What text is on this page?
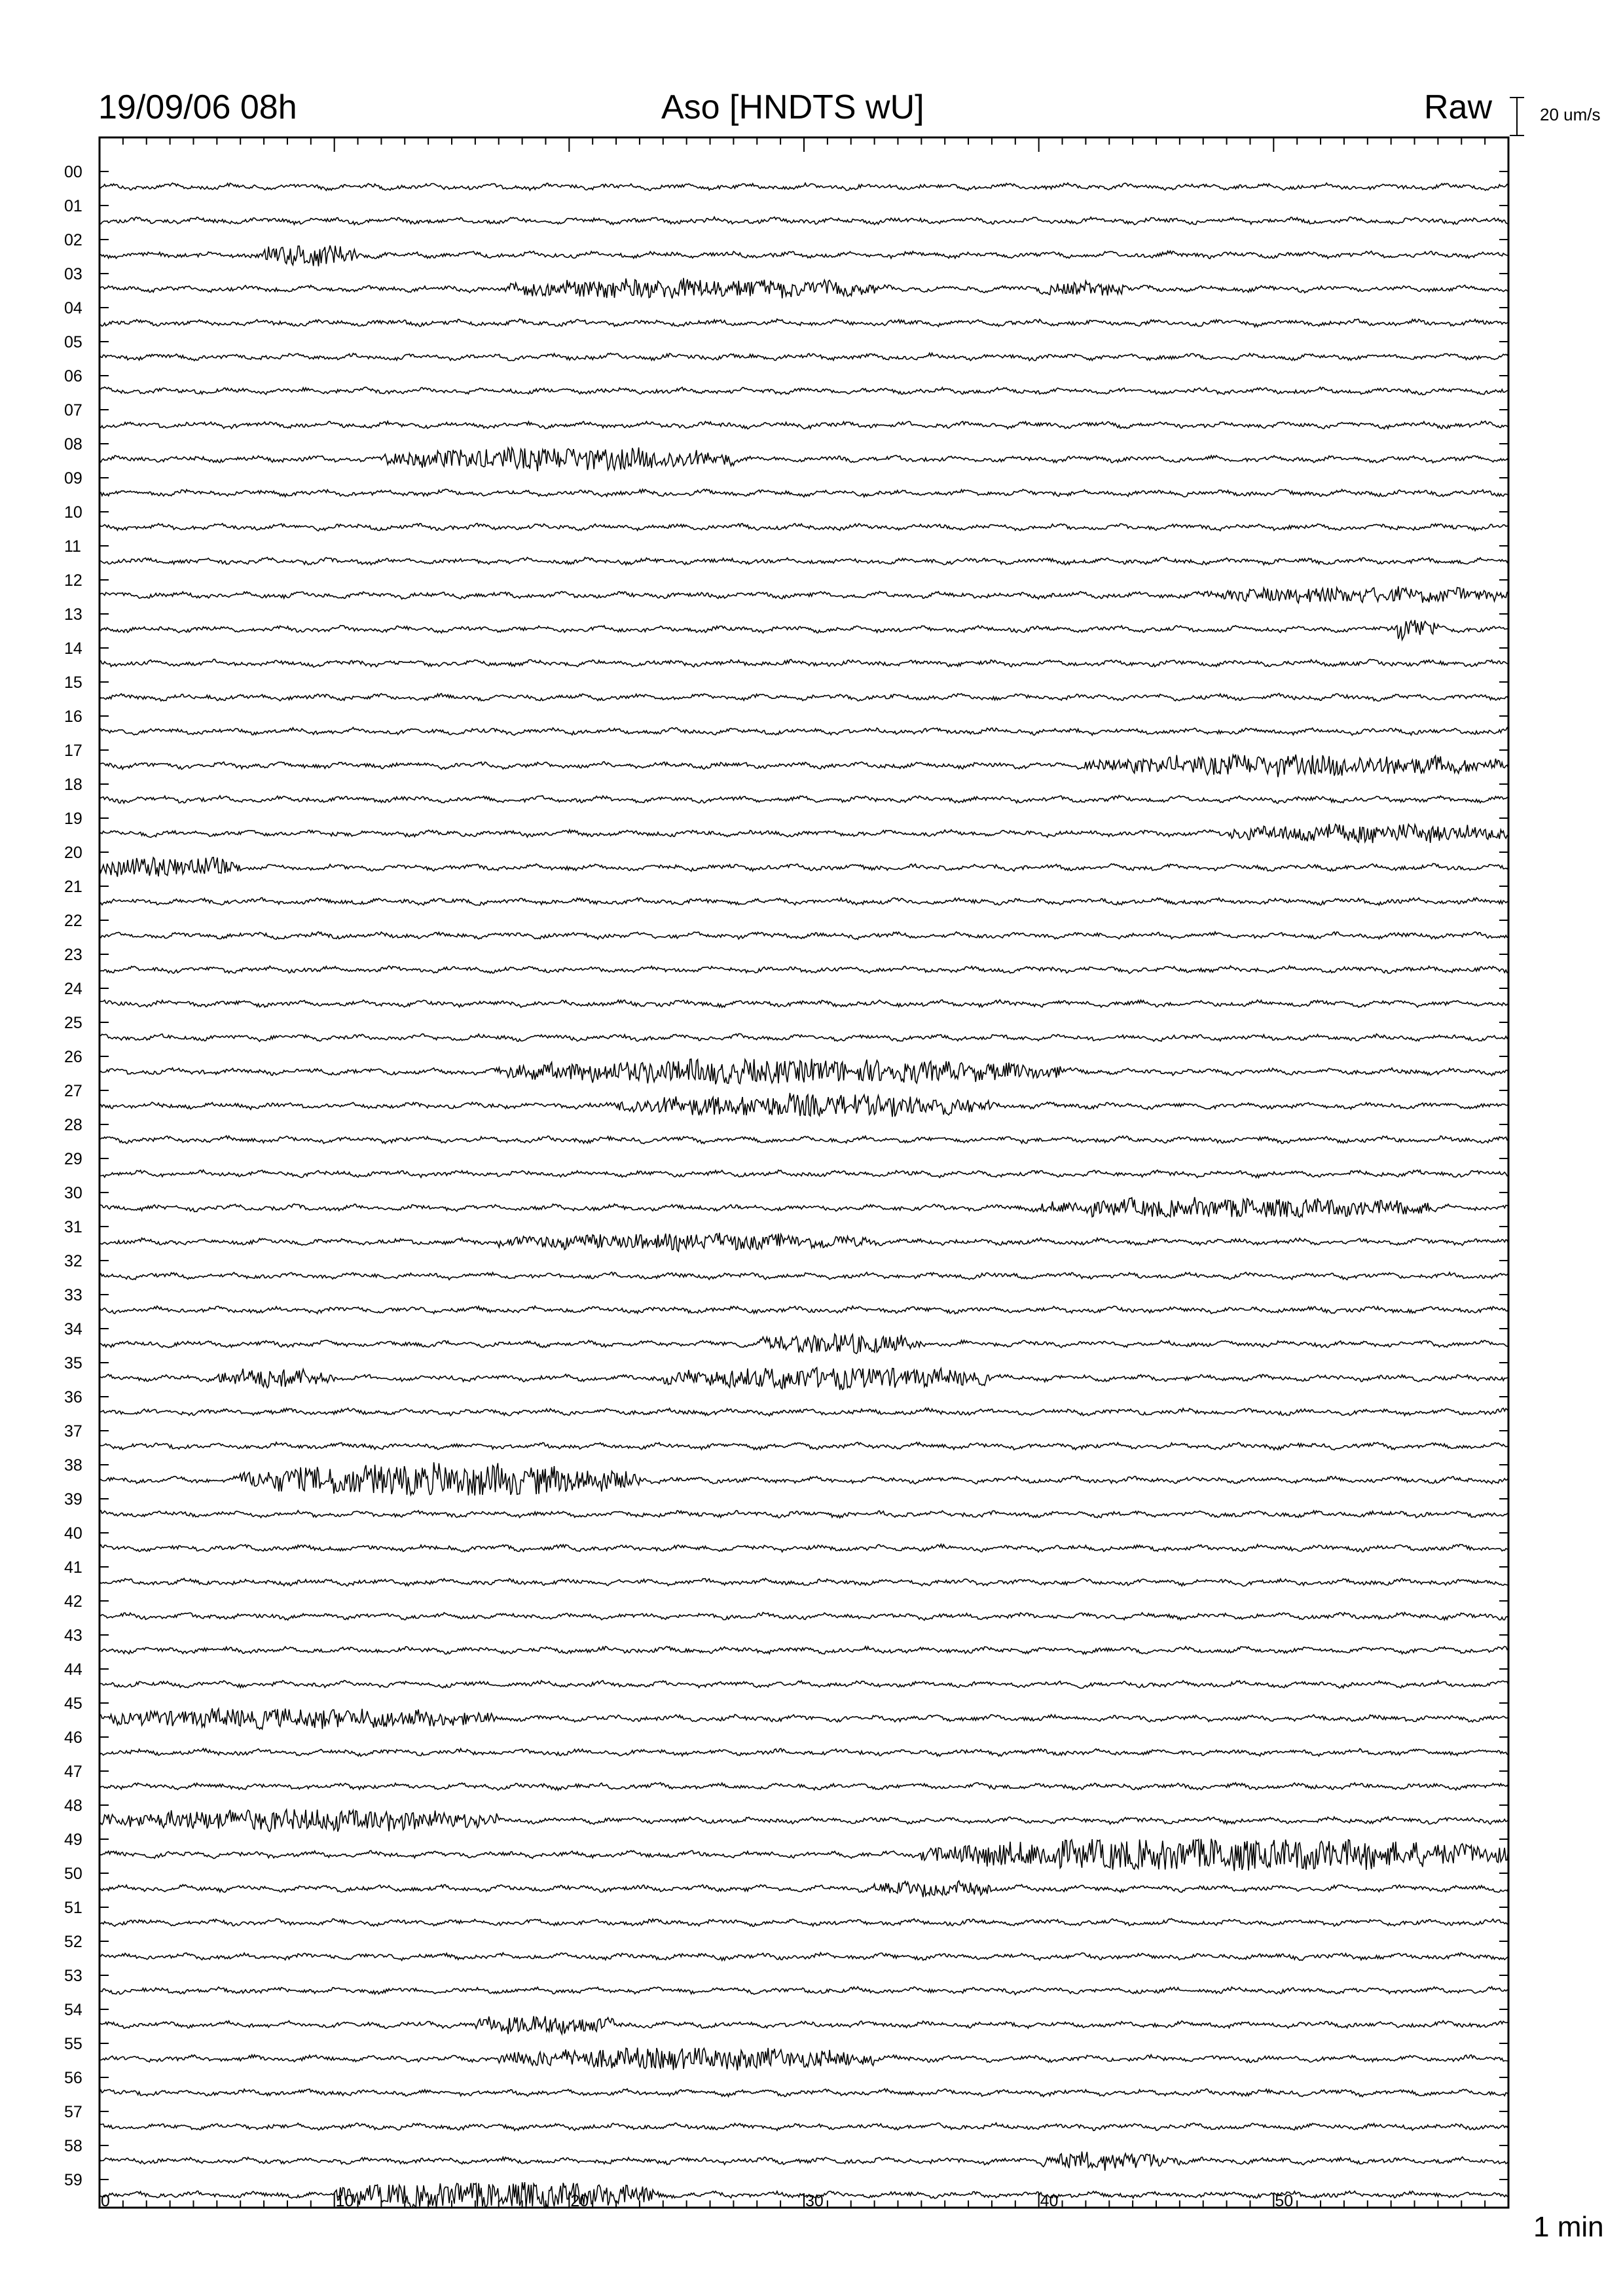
19/09/06 08h	Aso [HNDTS wU]	Raw	20 um/s
1 min
00
01
02
03
04
05
06
07
08
09
10
11
12
13
14
15
16
17
18
19
20
21
22
23
24
25
26
27
28
29
30
31
32
33
34
35
36
37
38
39
40
41
42
43
44
45
46
47
48
49
50
51
52
53
54
55
56
57
58
59
0	10	20	30	40	50
